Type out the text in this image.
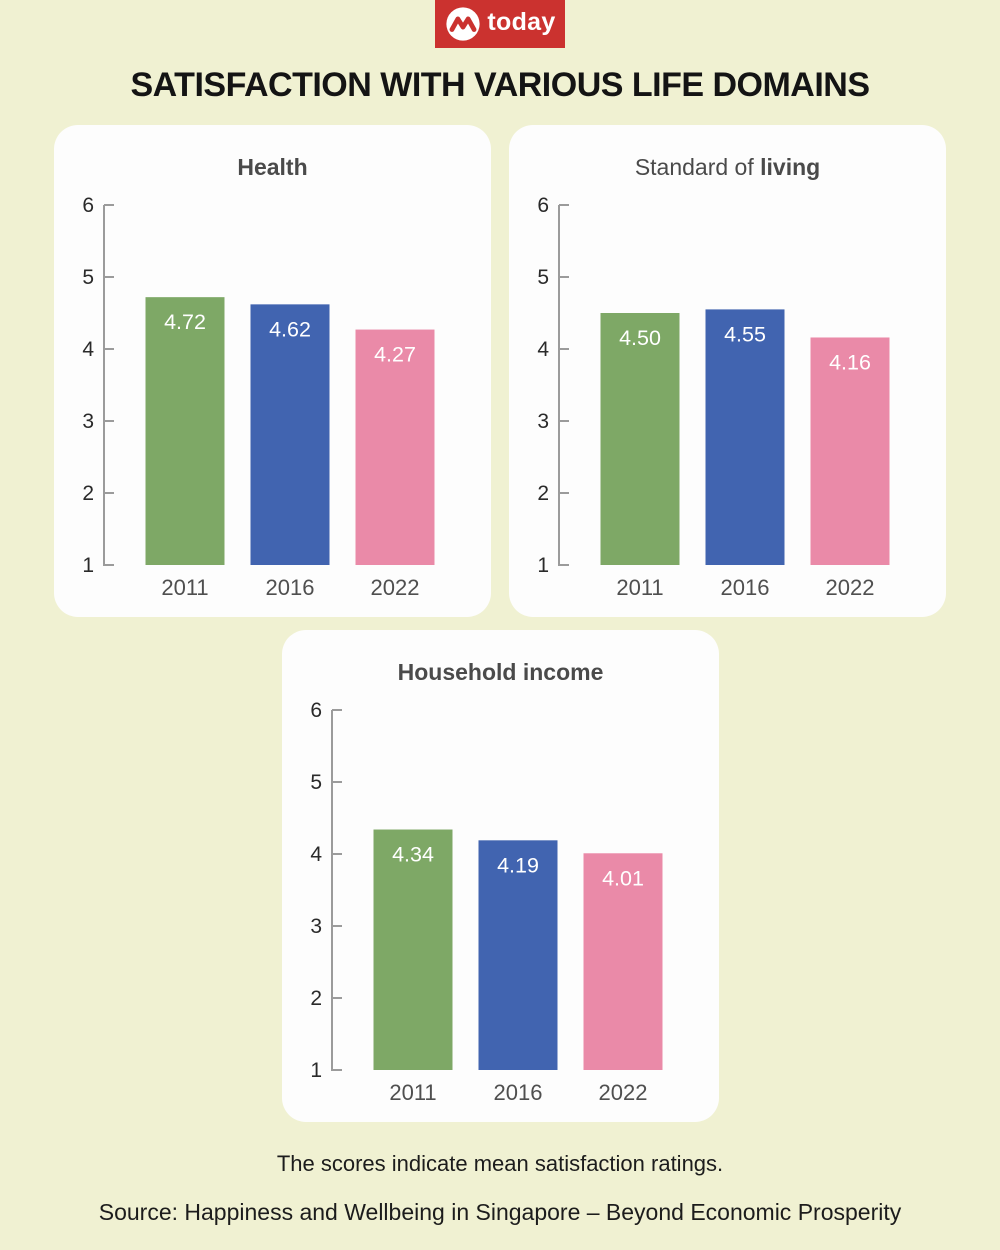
today
SATISFACTION WITH VARIOUS LIFE DOMAINS
Health
1
2
3
4
5
6
4.72
2011
4.62
2016
4.27
2022
Standard of living
1
2
3
4
5
6
4.50
2011
4.55
2016
4.16
2022
Household income
1
2
3
4
5
6
4.34
2011
4.19
2016
4.01
2022

The scores indicate mean satisfaction ratings.

Source: Happiness and Wellbeing in Singapore – Beyond Economic Prosperity
